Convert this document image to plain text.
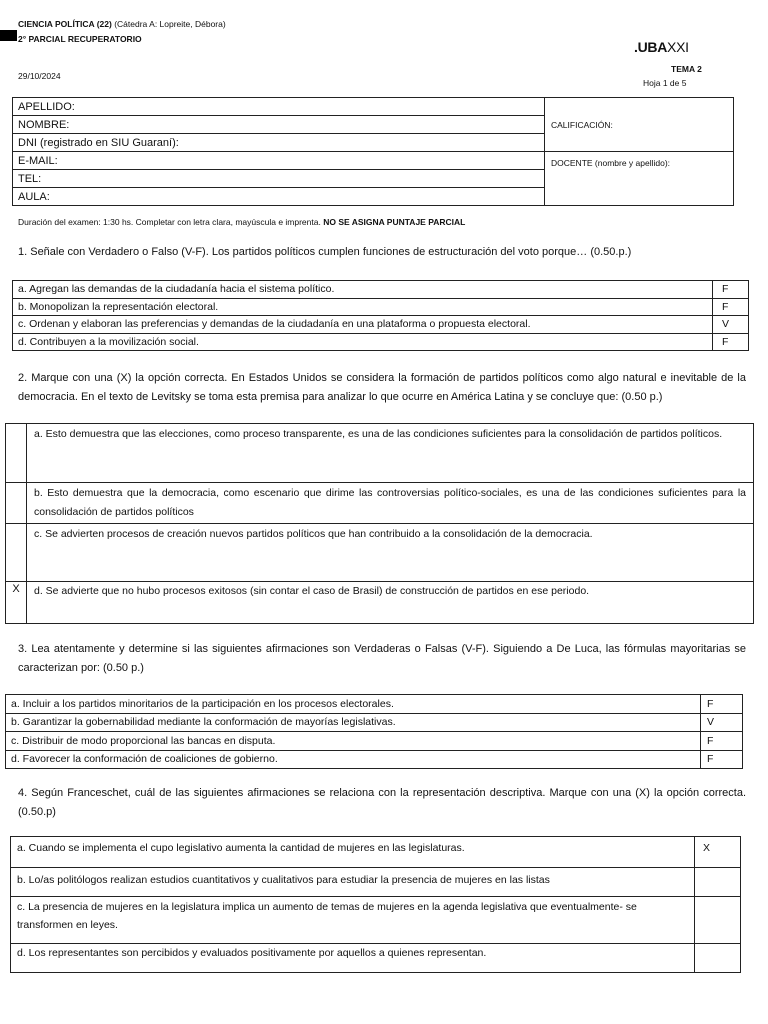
CIENCIA POLÍTICA (22) (Cátedra A: Lopreite, Débora)
2° PARCIAL RECUPERATORIO
29/10/2024
.UBAXXI
TEMA 2
Hoja 1 de 5
APELLIDO:	CALIFICACIÓN:
NOMBRE:	
DNI (registrado en SIU Guaraní):	
E-MAIL:	DOCENTE (nombre y apellido):
TEL:	
AULA:	
Duración del examen: 1:30 hs. Completar con letra clara, mayúscula e imprenta. NO SE ASIGNA PUNTAJE PARCIAL
1. Señale con Verdadero o Falso (V-F). Los partidos políticos cumplen funciones de estructuración del voto porque… (0.50.p.)
a. Agregan las demandas de la ciudadanía hacia el sistema político.	F
b. Monopolizan la representación electoral.	F
c. Ordenan y elaboran las preferencias y demandas de la ciudadanía en una plataforma o propuesta electoral.	V
d. Contribuyen a la movilización social.	F
2. Marque con una (X) la opción correcta. En Estados Unidos se considera la formación de partidos políticos como algo natural e inevitable de la democracia. En el texto de Levitsky se toma esta premisa para analizar lo que ocurre en América Latina y se concluye que: (0.50 p.)
	a. Esto demuestra que las elecciones, como proceso transparente, es una de las condiciones suficientes para la consolidación de partidos políticos.
	b. Esto demuestra que la democracia, como escenario que dirime las controversias político-sociales, es una de las condiciones suficientes para la consolidación de partidos políticos
	c. Se advierten procesos de creación nuevos partidos políticos que han contribuido a la consolidación de la democracia.
X	d. Se advierte que no hubo procesos exitosos (sin contar el caso de Brasil) de construcción de partidos en ese periodo.
3. Lea atentamente y determine si las siguientes afirmaciones son Verdaderas o Falsas (V-F). Siguiendo a De Luca, las fórmulas mayoritarias se caracterizan por: (0.50 p.)
a. Incluir a los partidos minoritarios de la participación en los procesos electorales.	F
b. Garantizar la gobernabilidad mediante la conformación de mayorías legislativas.	V
c. Distribuir de modo proporcional las bancas en disputa.	F
d. Favorecer la conformación de coaliciones de gobierno.	F
4. Según Franceschet, cuál de las siguientes afirmaciones se relaciona con la representación descriptiva. Marque con una (X) la opción correcta. (0.50.p)
a. Cuando se implementa el cupo legislativo aumenta la cantidad de mujeres en las legislaturas.	X
b. Lo/as politólogos realizan estudios cuantitativos y cualitativos para estudiar la presencia de mujeres en las listas	
c. La presencia de mujeres en la legislatura implica un aumento de temas de mujeres en la agenda legislativa que eventualmente- se transformen en leyes.	
d. Los representantes son percibidos y evaluados positivamente por aquellos a quienes representan.	
